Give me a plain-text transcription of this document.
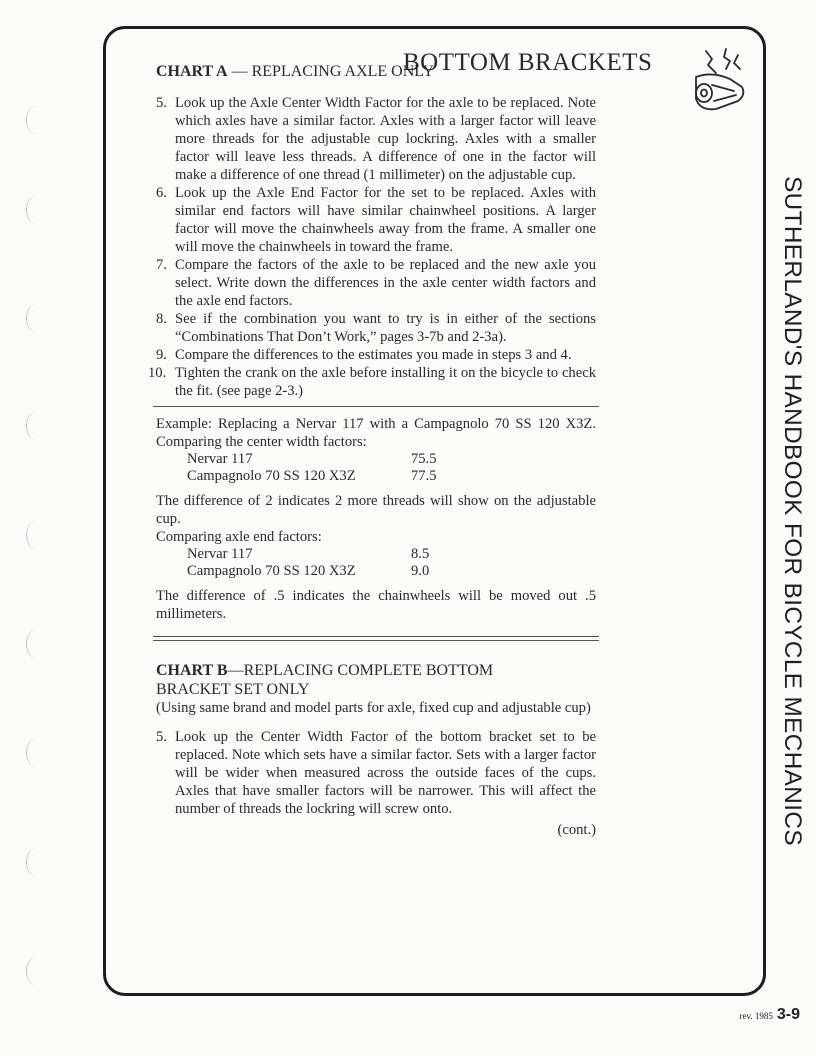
BOTTOM BRACKETS
CHART A — REPLACING AXLE ONLY
5. Look up the Axle Center Width Factor for the axle to be replaced. Note which axles have a similar factor. Axles with a larger factor will leave more threads for the adjustable cup lockring. Axles with a smaller factor will leave less threads. A difference of one in the factor will make a difference of one thread (1 millimeter) on the adjustable cup.
6. Look up the Axle End Factor for the set to be replaced. Axles with similar end factors will have similar chainwheel positions. A larger factor will move the chainwheels away from the frame. A smaller one will move the chainwheels in toward the frame.
7. Compare the factors of the axle to be replaced and the new axle you select. Write down the differences in the axle center width factors and the axle end factors.
8. See if the combination you want to try is in either of the sections “Combinations That Don’t Work,” pages 3-7b and 2-3a).
9. Compare the differences to the estimates you made in steps 3 and 4.
10. Tighten the crank on the axle before installing it on the bicycle to check the fit. (see page 2-3.)

Example: Replacing a Nervar 117 with a Campagnolo 70 SS 120 X3Z. Comparing the center width factors:

Nervar 117	75.5
Campagnolo 70 SS 120 X3Z	77.5

The difference of 2 indicates 2 more threads will show on the adjustable cup.

Comparing axle end factors:

Nervar 117	8.5
Campagnolo 70 SS 120 X3Z	9.0

The difference of .5 indicates the chainwheels will be moved out .5 millimeters.

CHART B—REPLACING COMPLETE BOTTOM
BRACKET SET ONLY

(Using same brand and model parts for axle, fixed cup and adjustable cup)

5. Look up the Center Width Factor of the bottom bracket set to be replaced. Note which sets have a similar factor. Sets with a larger factor will be wider when measured across the outside faces of the cups. Axles that have smaller factors will be narrower. This will affect the number of threads the lockring will screw onto.
(cont.)	SUTHERLAND'S HANDBOOK FOR BICYCLE MECHANICS
rev. 1985 3-9
